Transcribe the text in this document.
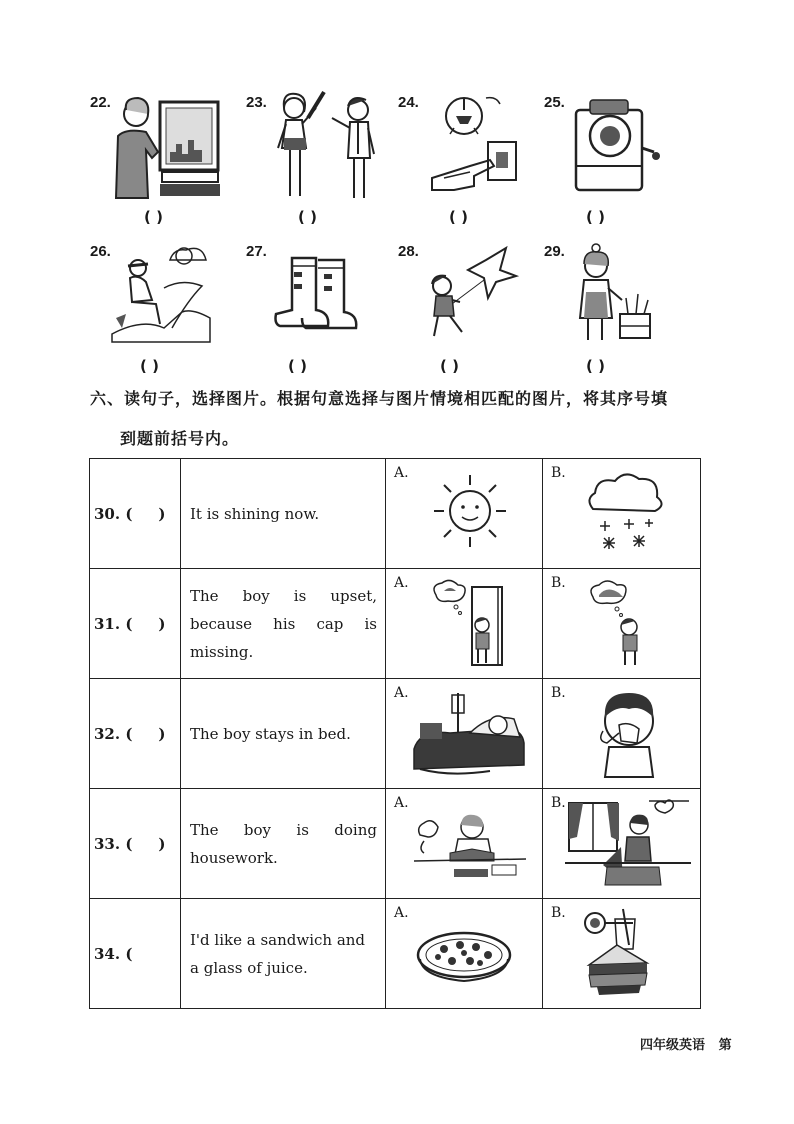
22.
( )
23.
( )
24.
( )
25.
( )
26.
( )
27.
( )
28.
( )
29.
( )
六、读句子，选择图片。根据句意选择与图片情境相匹配的图片，将其序号填
到题前括号内。
30. ( )	It is shining now.	A.	B.

31. ( )	The boy is upset, because his cap is missing.	A.	B.

32. ( )	The boy stays in bed.	A.	B.

33. ( )	The boy is doing housework.	A.	B.

34. (	I'd like a sandwich and
a glass of juice.	A.	B.
四年级英语   第
